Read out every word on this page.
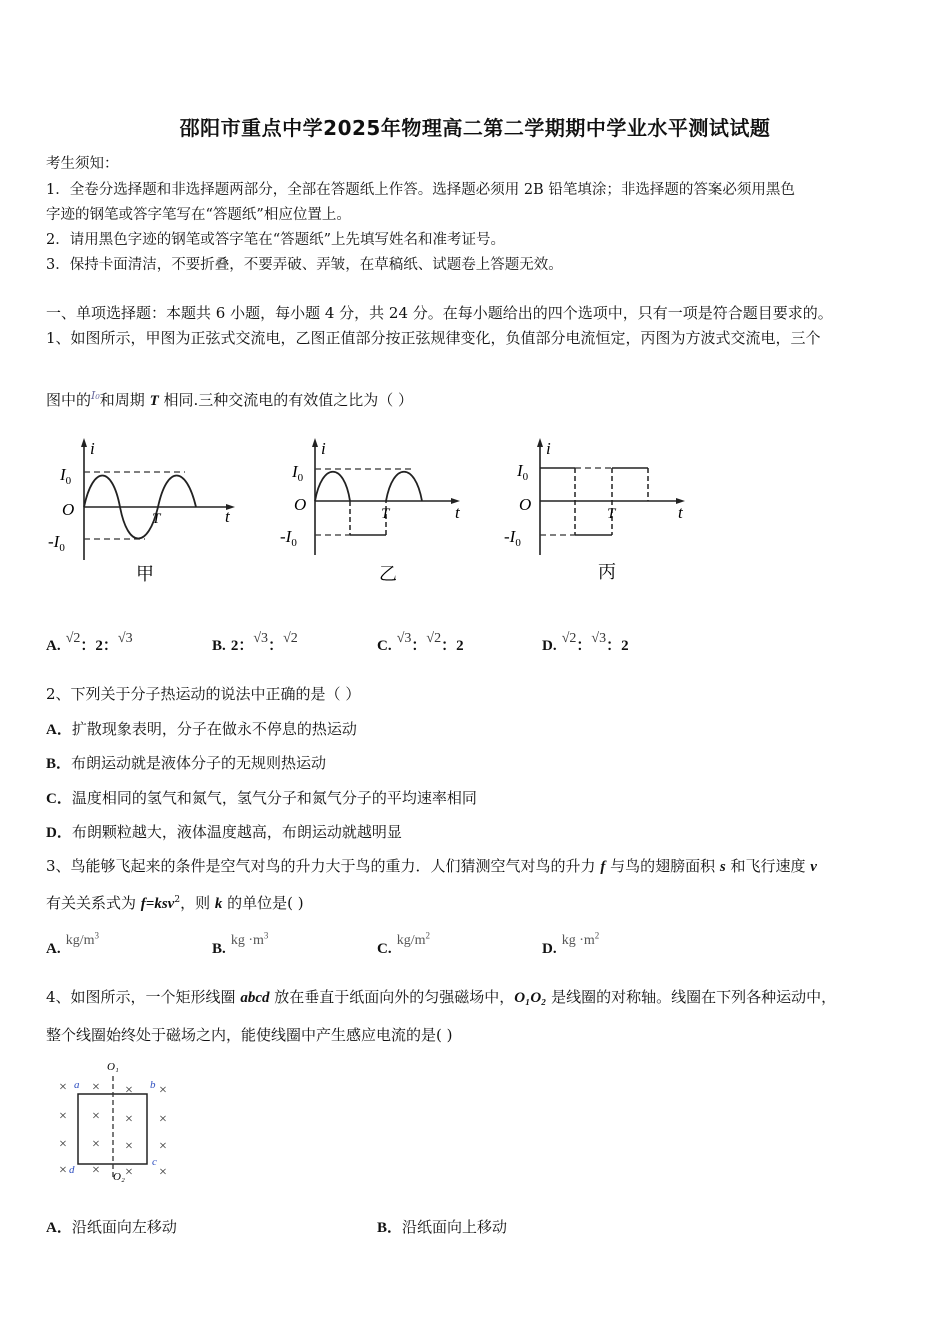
邵阳市重点中学2025年物理高二第二学期期中学业水平测试试题
考生须知：
1．全卷分选择题和非选择题两部分，全部在答题纸上作答。选择题必须用 2B 铅笔填涂；非选择题的答案必须用黑色
字迹的钢笔或答字笔写在“答题纸”相应位置上。
2．请用黑色字迹的钢笔或答字笔在“答题纸”上先填写姓名和准考证号。
3．保持卡面清洁，不要折叠，不要弄破、弄皱，在草稿纸、试题卷上答题无效。
一、单项选择题：本题共 6 小题，每小题 4 分，共 24 分。在每小题给出的四个选项中，只有一项是符合题目要求的。
1、如图所示，甲图为正弦式交流电，乙图正值部分按正弦规律变化，负值部分电流恒定，丙图为方波式交流电，三个
图中的$^{I_0}$和周期 T 相同.三种交流电的有效值之比为（ ）
i
t
$I_0$
O
$-I_0$
T
甲
i
t
$I_0$
O
$-I_0$
T
乙
i
t
$I_0$
O
$-I_0$
T
丙
A. √2：2：√3	B. 2：√3：√2	C. √3：√2：2	D. √2：√3：2
2、下列关于分子热运动的说法中正确的是（ ）
A．扩散现象表明，分子在做永不停息的热运动
B．布朗运动就是液体分子的无规则热运动
C．温度相同的氢气和氮气，氢气分子和氮气分子的平均速率相同
D．布朗颗粒越大，液体温度越高，布朗运动就越明显
3、鸟能够飞起来的条件是空气对鸟的升力大于鸟的重力．人们猜测空气对鸟的升力 f 与鸟的翅膀面积 s 和飞行速度 v
有关关系式为 f=ksv$^2$，则 k 的单位是( )
A. $kg/m^3$
B. kg $\cdot m^3$
C. $kg/m^2$
D. kg $\cdot m^2$
4、如图所示，一个矩形线圈 abcd 放在垂直于纸面向外的匀强磁场中，O₁O₂ 是线圈的对称轴。线圈在下列各种运动中，
整个线圈始终处于磁场之内，能使线圈中产生感应电流的是( )
O₁
O₂
a	b
c
d
× × × ×
× × × ×
× × × ×
× × × ×
A．沿纸面向左移动	B．沿纸面向上移动
